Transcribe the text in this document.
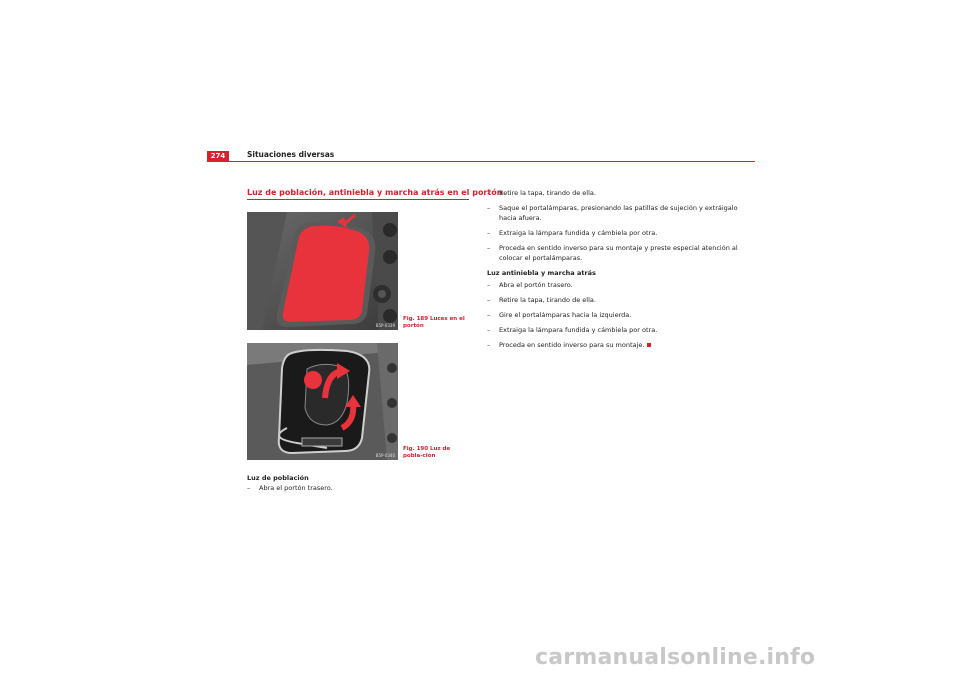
274	Situaciones diversas
Luz de población, antiniebla y marcha atrás en el portón
B5P-0339
Fig. 189 Luces en el portón
B5P-0340
Fig. 190 Luz de pobla-ción
Luz de población
– Abra el portón trasero.
– Retire la tapa, tirando de ella.
– Saque el portalámparas, presionando las patillas de sujeción y extráigalo hacia afuera.
– Extraiga la lámpara fundida y cámbiela por otra.
– Proceda en sentido inverso para su montaje y preste especial atención al colocar el portalámparas.
Luz antiniebla y marcha atrás
– Abra el portón trasero.
– Retire la tapa, tirando de ella.
– Gire el portalámparas hacia la izquierda.
– Extraiga la lámpara fundida y cámbiela por otra.
– Proceda en sentido inverso para su montaje.
carmanualsonline.info
